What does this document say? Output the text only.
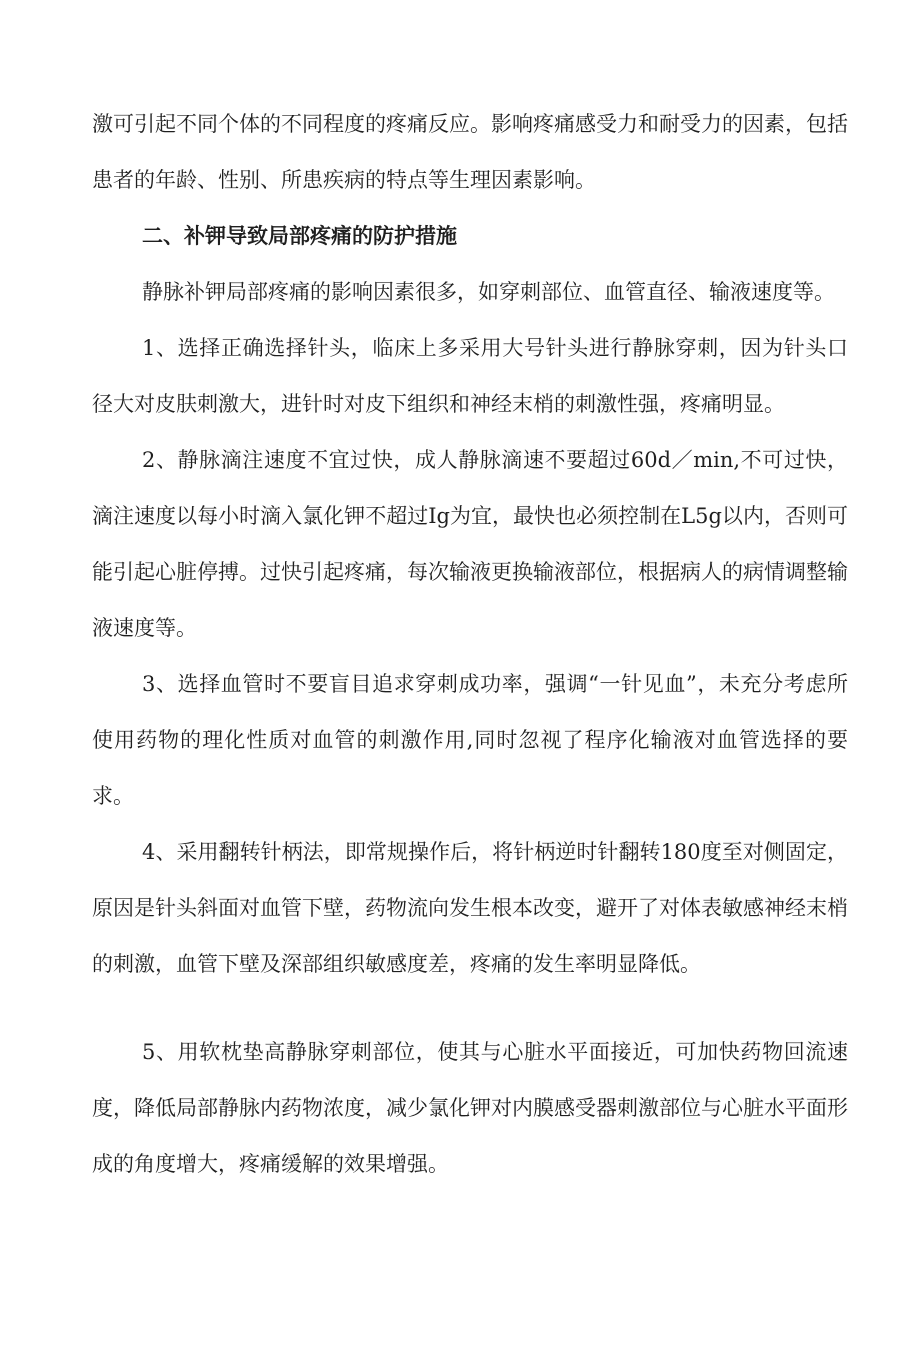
激可引起不同个体的不同程度的疼痛反应。影响疼痛感受力和耐受力的因素，包括患者的年龄、性别、所患疾病的特点等生理因素影响。

二、补钾导致局部疼痛的防护措施

静脉补钾局部疼痛的影响因素很多，如穿刺部位、血管直径、输液速度等。

1、选择正确选择针头，临床上多采用大号针头进行静脉穿刺，因为针头口径大对皮肤刺激大，进针时对皮下组织和神经末梢的刺激性强，疼痛明显。

2、静脉滴注速度不宜过快，成人静脉滴速不要超过60d／min,不可过快，滴注速度以每小时滴入氯化钾不超过Ig为宜，最快也必须控制在L5g以内，否则可能引起心脏停搏。过快引起疼痛，每次输液更换输液部位，根据病人的病情调整输液速度等。

3、选择血管时不要盲目追求穿刺成功率，强调“一针见血”，未充分考虑所使用药物的理化性质对血管的刺激作用,同时忽视了程序化输液对血管选择的要求。

4、采用翻转针柄法，即常规操作后，将针柄逆时针翻转180度至对侧固定，原因是针头斜面对血管下壁，药物流向发生根本改变，避开了对体表敏感神经末梢的刺激，血管下壁及深部组织敏感度差，疼痛的发生率明显降低。

5、用软枕垫高静脉穿刺部位，使其与心脏水平面接近，可加快药物回流速度，降低局部静脉内药物浓度，减少氯化钾对内膜感受器刺激部位与心脏水平面形成的角度增大，疼痛缓解的效果增强。
